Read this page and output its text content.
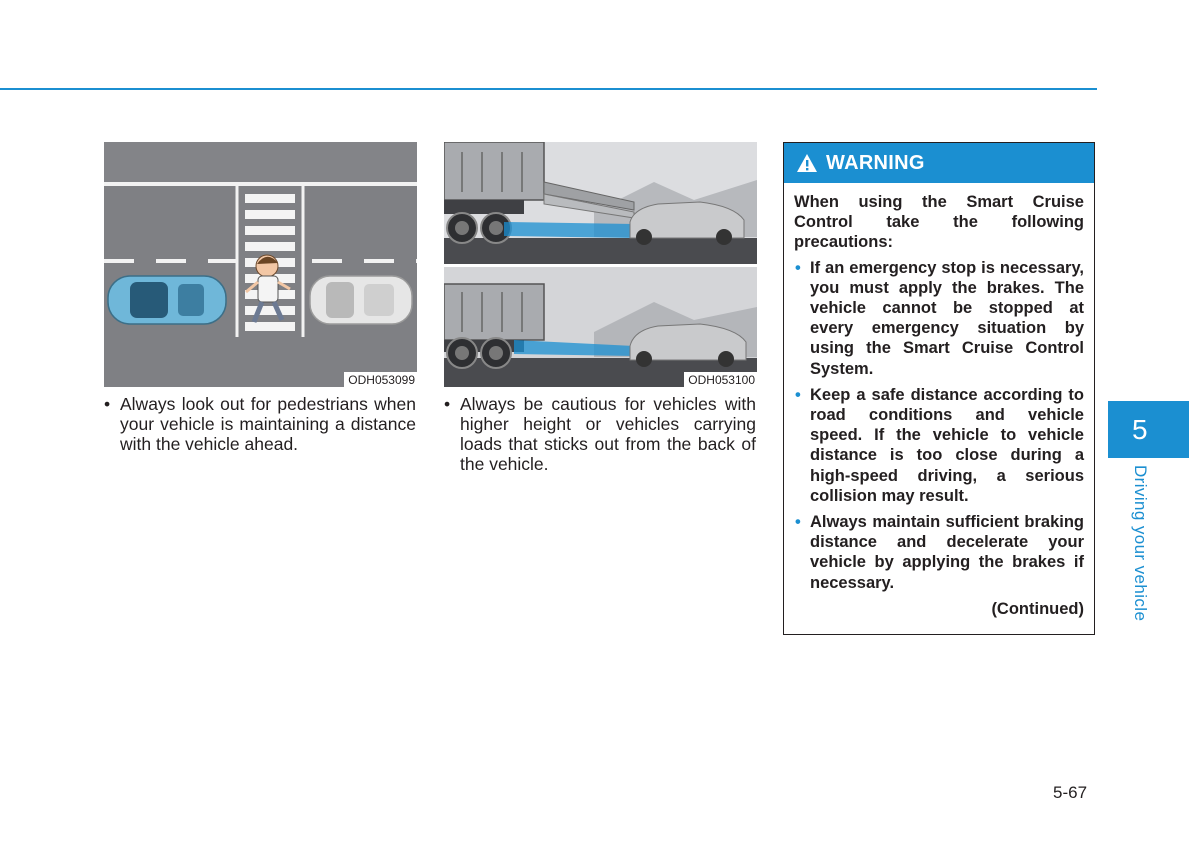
ODH053099	ODH053100
• Always look out for pedestrians when your vehicle is maintaining a distance with the vehicle ahead.
• Always be cautious for vehicles with higher height or vehicles carrying loads that sticks out from the back of the vehicle.
WARNING
When using the Smart Cruise Control take the following precautions:
• If an emergency stop is necessary, you must apply the brakes. The vehicle cannot be stopped at every emergency situation by using the Smart Cruise Control System.
• Keep a safe distance according to road conditions and vehicle speed. If the vehicle to vehicle distance is too close during a high-speed driving, a serious collision may result.
• Always maintain sufficient braking distance and decelerate your vehicle by applying the brakes if necessary.
(Continued)
5
Driving your vehicle
5-67
